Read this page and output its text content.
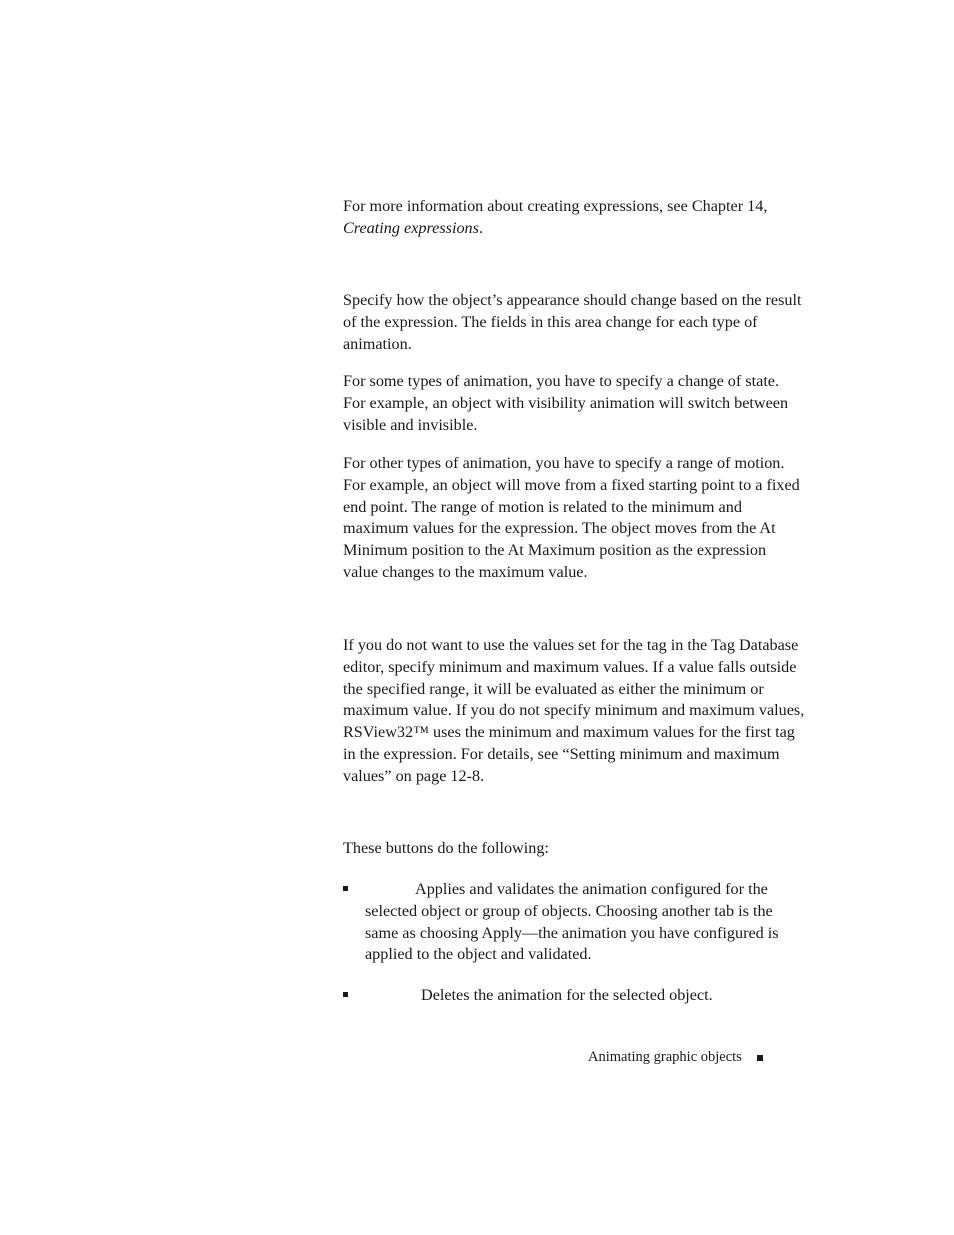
For more information about creating expressions, see Chapter 14,
Creating expressions.

Specify how the object’s appearance should change based on the result
of the expression. The fields in this area change for each type of
animation.

For some types of animation, you have to specify a change of state.
For example, an object with visibility animation will switch between
visible and invisible.

For other types of animation, you have to specify a range of motion.
For example, an object will move from a fixed starting point to a fixed
end point. The range of motion is related to the minimum and
maximum values for the expression. The object moves from the At
Minimum position to the At Maximum position as the expression
value changes to the maximum value.

If you do not want to use the values set for the tag in the Tag Database
editor, specify minimum and maximum values. If a value falls outside
the specified range, it will be evaluated as either the minimum or
maximum value. If you do not specify minimum and maximum values,
RSView32™ uses the minimum and maximum values for the first tag
in the expression. For details, see “Setting minimum and maximum
values” on page 12-8.

These buttons do the following:

Applies and validates the animation configured for the
selected object or group of objects. Choosing another tab is the
same as choosing Apply—the animation you have configured is
applied to the object and validated.
Deletes the animation for the selected object.
Animating graphic objects
